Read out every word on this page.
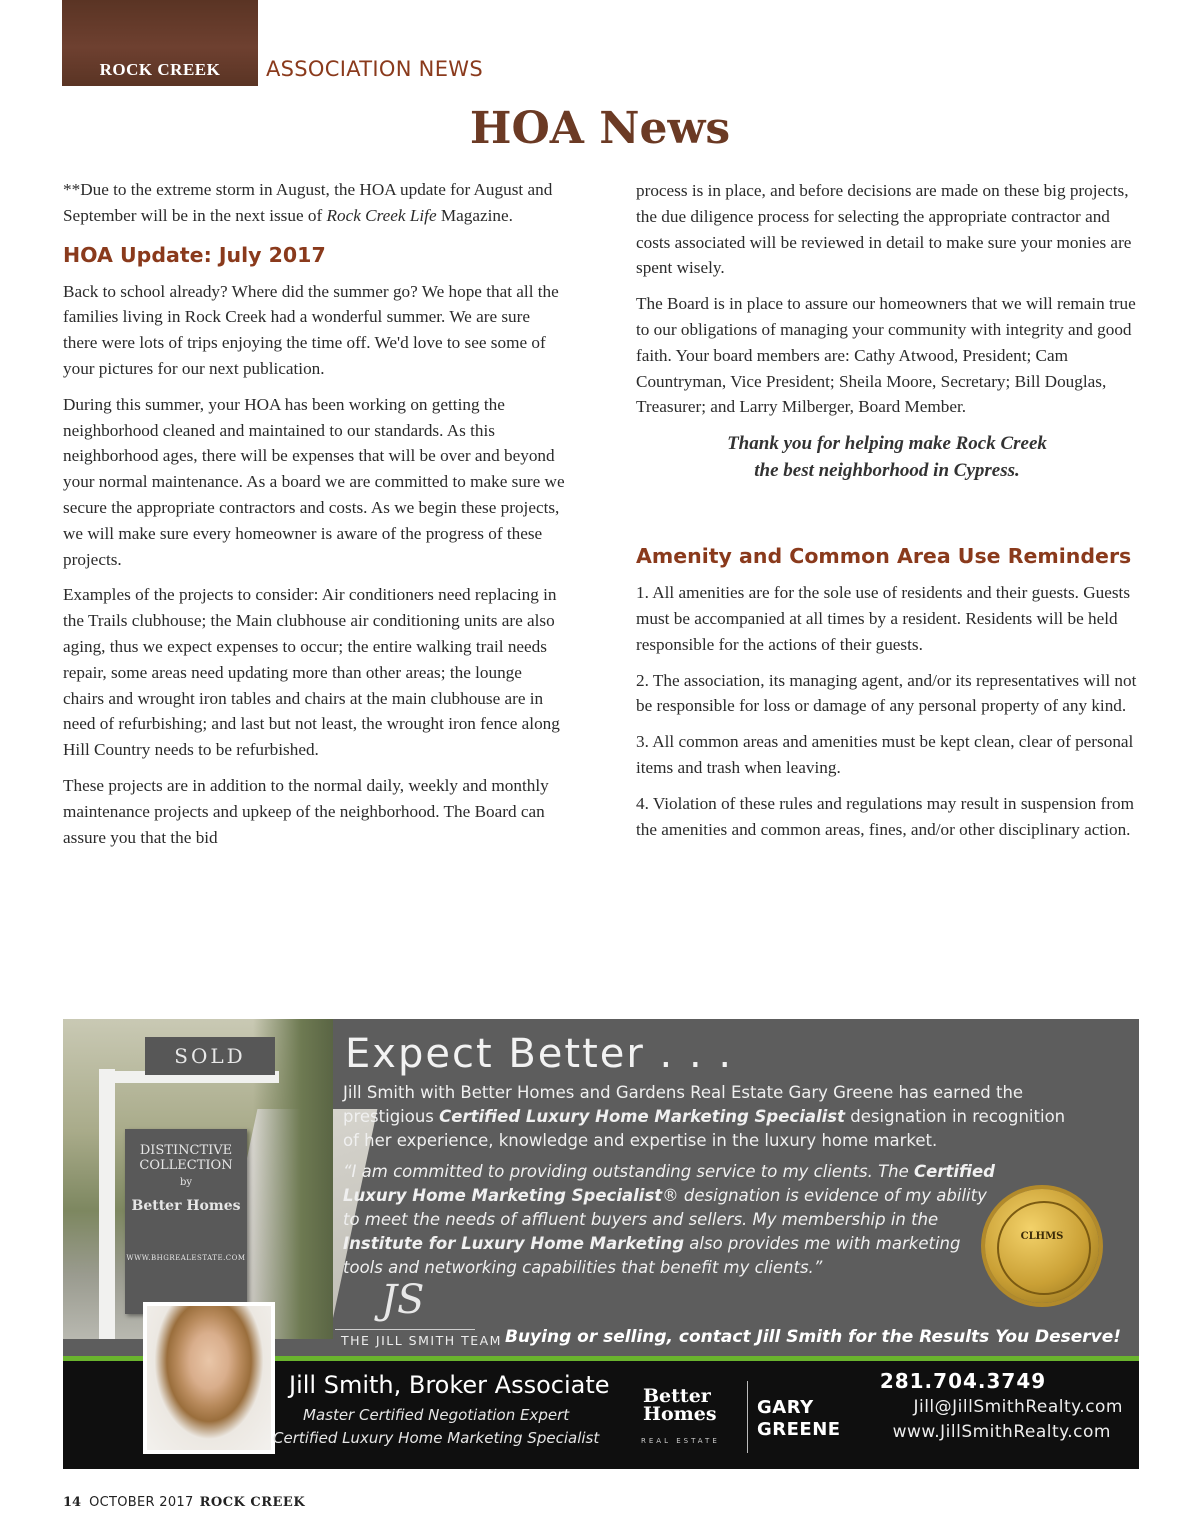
ROCK CREEK	ASSOCIATION NEWS
HOA News

**Due to the extreme storm in August, the HOA update for August and September will be in the next issue of Rock Creek Life Magazine.

HOA Update: July 2017

Back to school already? Where did the summer go? We hope that all the families living in Rock Creek had a wonderful summer. We are sure there were lots of trips enjoying the time off. We'd love to see some of your pictures for our next publication.

During this summer, your HOA has been working on getting the neighborhood cleaned and maintained to our standards. As this neighborhood ages, there will be expenses that will be over and beyond your normal maintenance. As a board we are committed to make sure we secure the appropriate contractors and costs. As we begin these projects, we will make sure every homeowner is aware of the progress of these projects.

Examples of the projects to consider: Air conditioners need replacing in the Trails clubhouse; the Main clubhouse air conditioning units are also aging, thus we expect expenses to occur; the entire walking trail needs repair, some areas need updating more than other areas; the lounge chairs and wrought iron tables and chairs at the main clubhouse are in need of refurbishing; and last but not least, the wrought iron fence along Hill Country needs to be refurbished.

These projects are in addition to the normal daily, weekly and monthly maintenance projects and upkeep of the neighborhood. The Board can assure you that the bid

process is in place, and before decisions are made on these big projects, the due diligence process for selecting the appropriate contractor and costs associated will be reviewed in detail to make sure your monies are spent wisely.

The Board is in place to assure our homeowners that we will remain true to our obligations of managing your community with integrity and good faith. Your board members are: Cathy Atwood, President; Cam Countryman, Vice President; Sheila Moore, Secretary; Bill Douglas, Treasurer; and Larry Milberger, Board Member.

Thank you for helping make Rock Creek
the best neighborhood in Cypress.

Amenity and Common Area Use Reminders

1. All amenities are for the sole use of residents and their guests. Guests must be accompanied at all times by a resident. Residents will be held responsible for the actions of their guests.

2. The association, its managing agent, and/or its representatives will not be responsible for loss or damage of any personal property of any kind.

3. All common areas and amenities must be kept clean, clear of personal items and trash when leaving.

4. Violation of these rules and regulations may result in suspension from the amenities and common areas, fines, and/or other disciplinary action.

SOLD
DISTINCTIVE
COLLECTION
by
Better Homes
WWW.BHGREALESTATE.COM
Expect Better . . .
Jill Smith with Better Homes and Gardens Real Estate Gary Greene has earned the prestigious Certified Luxury Home Marketing Specialist designation in recognition of her experience, knowledge and expertise in the luxury home market.
“I am committed to providing outstanding service to my clients. The Certified Luxury Home Marketing Specialist® designation is evidence of my ability to meet the needs of affluent buyers and sellers. My membership in the Institute for Luxury Home Marketing also provides me with marketing tools and networking capabilities that benefit my clients.”
CLHMS
JS
THE JILL SMITH TEAM Buying or selling, contact Jill Smith for the Results You Deserve!
Jill Smith, Broker Associate
Master Certified Negotiation Expert
Certified Luxury Home Marketing Specialist
Better
Homes
REAL ESTATE
GARY
GREENE
281.704.3749
Jill@JillSmithRealty.com
www.JillSmithRealty.com
14 OCTOBER 2017 ROCK CREEK
